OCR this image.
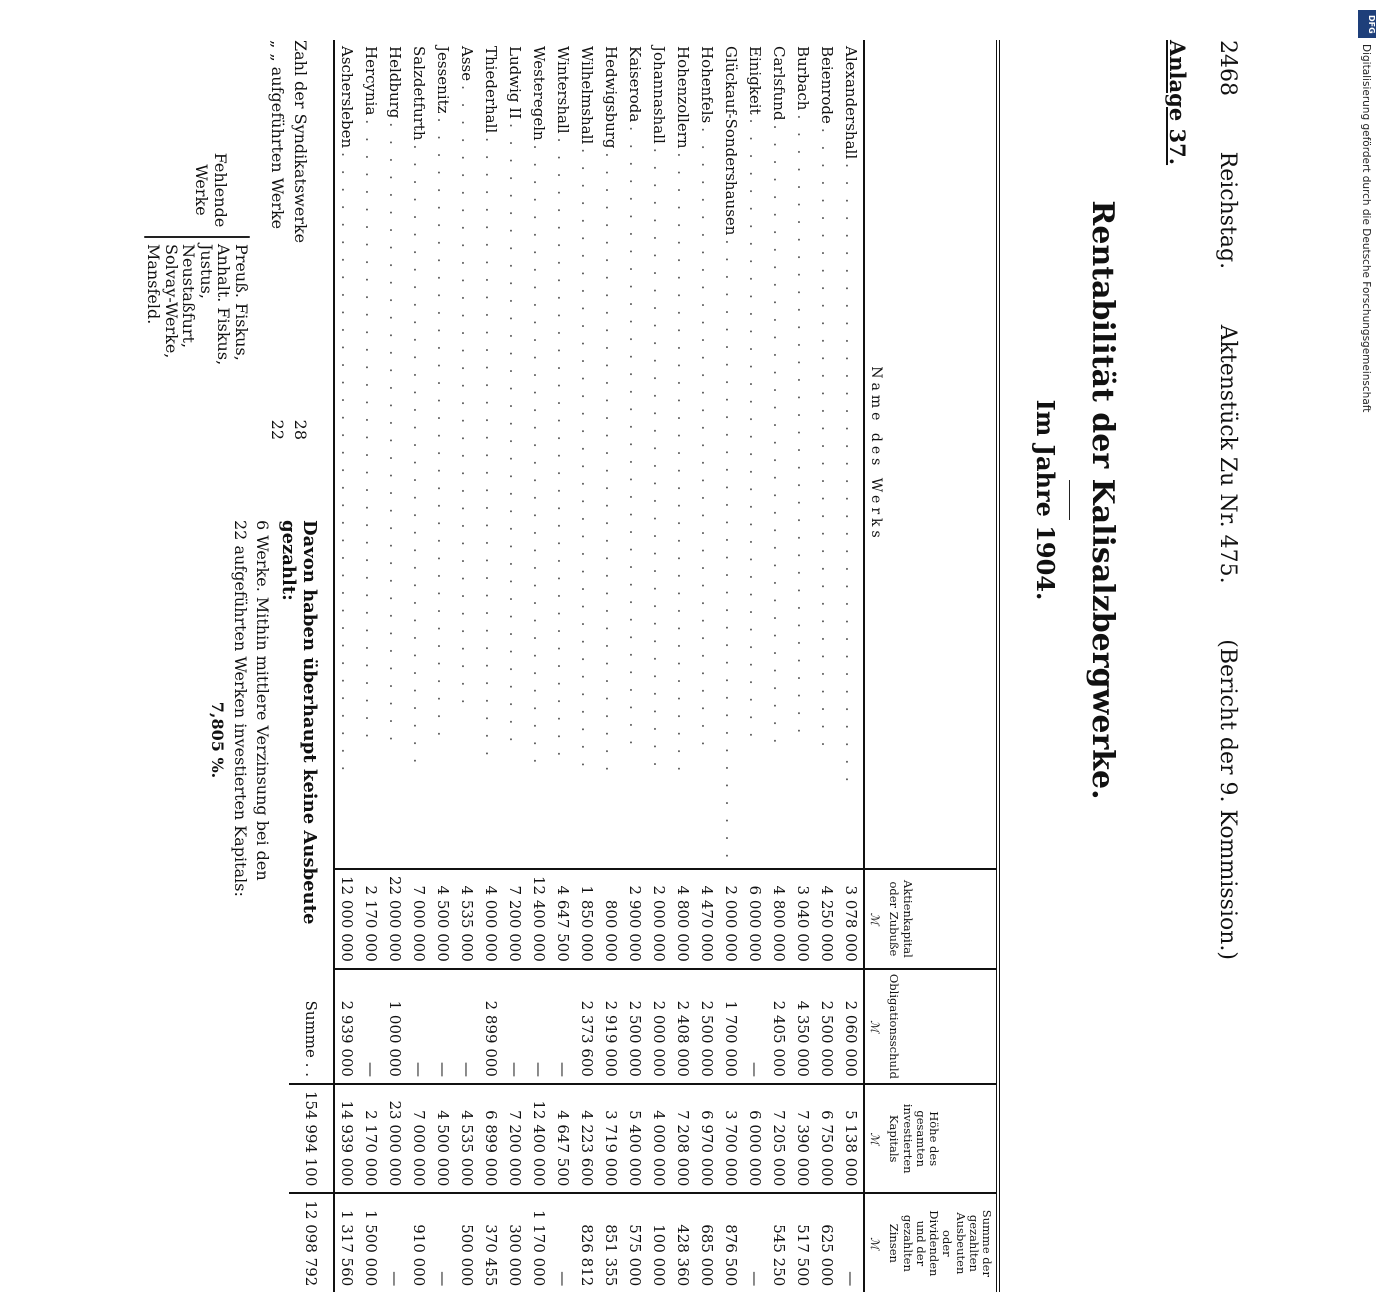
2468
Reichstag.
Aktenstück Zu Nr. 475.
(Bericht der 9. Kommission.)
Anlage 37.
Rentabilität der Kalisalzbergwerke.
Im Jahre 1904.
Name des Werks	Aktienkapital oder Zubuße
ℳ	Obligationsschuld
ℳ	Höhe des gesamten investierten Kapitals
ℳ	Summe der gezahlten Ausbeuten oder Dividenden und der gezahlten Zinsen
ℳ

Alexandershall
. . . . . . . . . . . . . . . . . . . . . . . . . . . . . . . . . . . .	3 078 000	2 060 000	5 138 000	—

Beienrode
. . . . . . . . . . . . . . . . . . . . . . . . . . . . . . . . . . . .	4 250 000	2 500 000	6 750 000	625 000

Burbach
. . . . . . . . . . . . . . . . . . . . . . . . . . . . . . . . . . . .	3 040 000	4 350 000	7 390 000	517 500

Carlsfund
. . . . . . . . . . . . . . . . . . . . . . . . . . . . . . . . . . . .	4 800 000	2 405 000	7 205 000	545 250

Einigkeit
. . . . . . . . . . . . . . . . . . . . . . . . . . . . . . . . . . . .	6 000 000	—	6 000 000	—

Glückauf-Sondershausen
. . . . . . . . . . . . . . . . . . . . . . . . . . . . . . . . . . . .	2 000 000	1 700 000	3 700 000	876 500

Hohenfels
. . . . . . . . . . . . . . . . . . . . . . . . . . . . . . . . . . . .	4 470 000	2 500 000	6 970 000	685 000

Hohenzollern
. . . . . . . . . . . . . . . . . . . . . . . . . . . . . . . . . . . .	4 800 000	2 408 000	7 208 000	428 360

Johannashall
. . . . . . . . . . . . . . . . . . . . . . . . . . . . . . . . . . . .	2 000 000	2 000 000	4 000 000	100 000

Kaiseroda
. . . . . . . . . . . . . . . . . . . . . . . . . . . . . . . . . . . .	2 900 000	2 500 000	5 400 000	575 000

Hedwigsburg
. . . . . . . . . . . . . . . . . . . . . . . . . . . . . . . . . . . .	800 000	2 919 000	3 719 000	851 355

Wilhelmshall
. . . . . . . . . . . . . . . . . . . . . . . . . . . . . . . . . . . .	1 850 000	2 373 600	4 223 600	826 812

Wintershall
. . . . . . . . . . . . . . . . . . . . . . . . . . . . . . . . . . . .	4 647 500	—	4 647 500	—

Westeregeln
. . . . . . . . . . . . . . . . . . . . . . . . . . . . . . . . . . . .	12 400 000	—	12 400 000	1 170 000

Ludwig II
. . . . . . . . . . . . . . . . . . . . . . . . . . . . . . . . . . . .	7 200 000	—	7 200 000	300 000

Thiederhall
. . . . . . . . . . . . . . . . . . . . . . . . . . . . . . . . . . . .	4 000 000	2 899 000	6 899 000	370 455

Asse
. . . . . . . . . . . . . . . . . . . . . . . . . . . . . . . . . . . .	4 535 000	—	4 535 000	500 000

Jessenitz
. . . . . . . . . . . . . . . . . . . . . . . . . . . . . . . . . . . .	4 500 000	—	4 500 000	—

Salzdetfurth
. . . . . . . . . . . . . . . . . . . . . . . . . . . . . . . . . . . .	7 000 000	—	7 000 000	910 000

Heldburg
. . . . . . . . . . . . . . . . . . . . . . . . . . . . . . . . . . . .	22 000 000	1 000 000	23 000 000	—

Hercynia
. . . . . . . . . . . . . . . . . . . . . . . . . . . . . . . . . . . .	2 170 000	—	2 170 000	1 500 000

Aschersleben
. . . . . . . . . . . . . . . . . . . . . . . . . . . . . . . . . . . .	12 000 000	2 939 000	14 939 000	1 317 560
		Summe . .	154 994 100	12 098 792
Zahl der Syndikatswerke
28
„ „ aufgeführten Werke
22
Fehlende Werke
Preuß. Fiskus,
Anhalt. Fiskus,
Justus,
Neustaßfurt,
Solvay-Werke,
Mansfeld.
Davon haben überhaupt keine Ausbeute gezahlt:
6 Werke. Mithin mittlere Verzinsung bei den
22 aufgeführten Werken investierten Kapitals:
7,805 %.
DFG
Digitalisierung gefördert durch die Deutsche Forschungsgemeinschaft
